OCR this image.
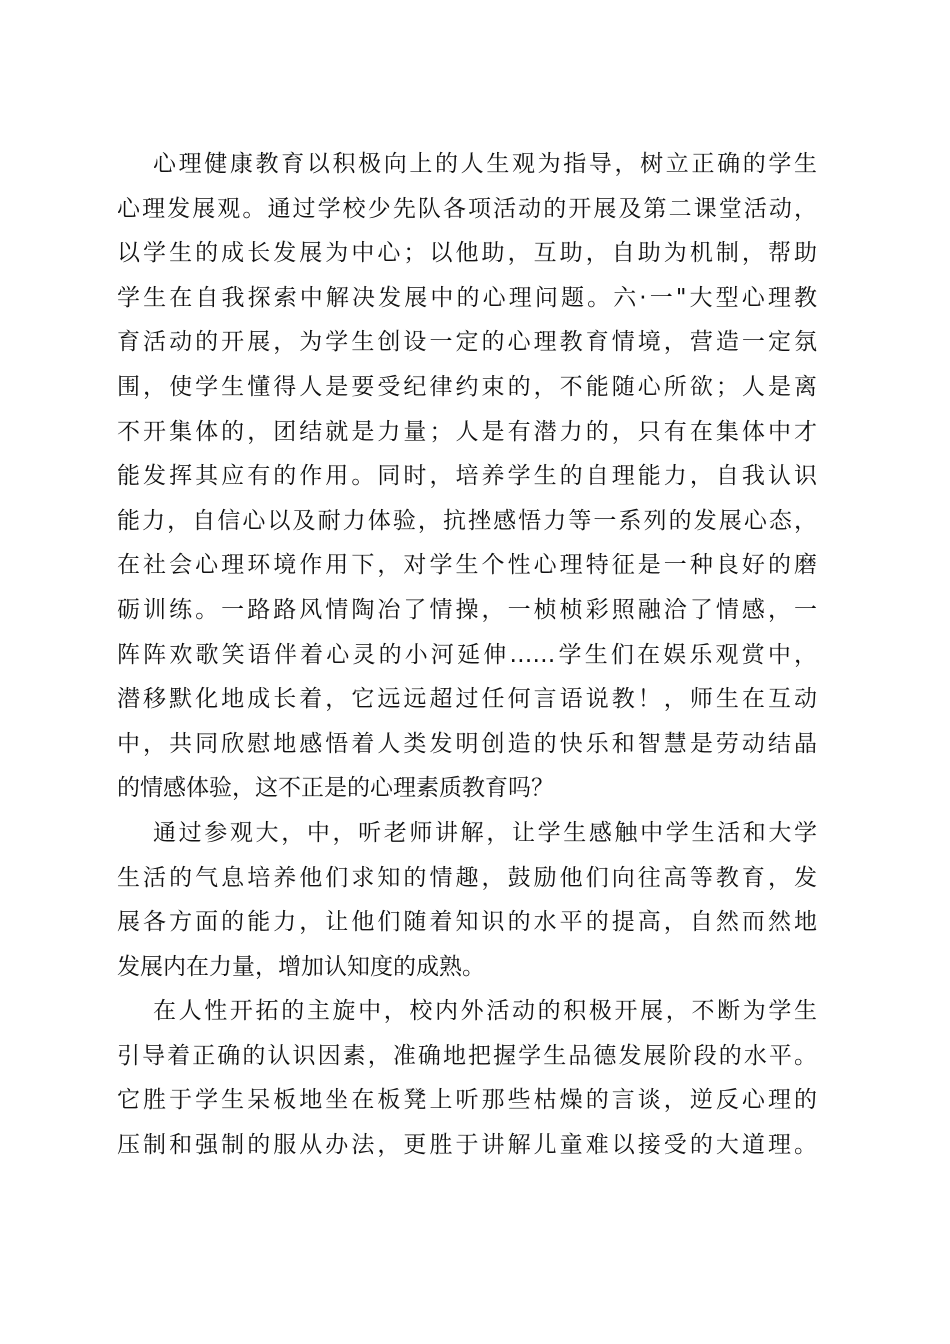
心理健康教育以积极向上的人生观为指导，树立正确的学生
心理发展观。通过学校少先队各项活动的开展及第二课堂活动，
以学生的成长发展为中心；以他助，互助，自助为机制，帮助
学生在自我探索中解决发展中的心理问题。六·一"大型心理教
育活动的开展，为学生创设一定的心理教育情境，营造一定氛
围，使学生懂得人是要受纪律约束的，不能随心所欲；人是离
不开集体的，团结就是力量；人是有潜力的，只有在集体中才
能发挥其应有的作用。同时，培养学生的自理能力，自我认识
能力，自信心以及耐力体验，抗挫感悟力等一系列的发展心态，
在社会心理环境作用下，对学生个性心理特征是一种良好的磨
砺训练。一路路风情陶冶了情操，一桢桢彩照融洽了情感，一
阵阵欢歌笑语伴着心灵的小河延伸……学生们在娱乐观赏中，
潜移默化地成长着，它远远超过任何言语说教！，师生在互动
中，共同欣慰地感悟着人类发明创造的快乐和智慧是劳动结晶
的情感体验，这不正是的心理素质教育吗？
通过参观大，中，听老师讲解，让学生感触中学生活和大学
生活的气息培养他们求知的情趣，鼓励他们向往高等教育，发
展各方面的能力，让他们随着知识的水平的提高，自然而然地
发展内在力量，增加认知度的成熟。
在人性开拓的主旋中，校内外活动的积极开展，不断为学生
引导着正确的认识因素，准确地把握学生品德发展阶段的水平。
它胜于学生呆板地坐在板凳上听那些枯燥的言谈，逆反心理的
压制和强制的服从办法，更胜于讲解儿童难以接受的大道理。
